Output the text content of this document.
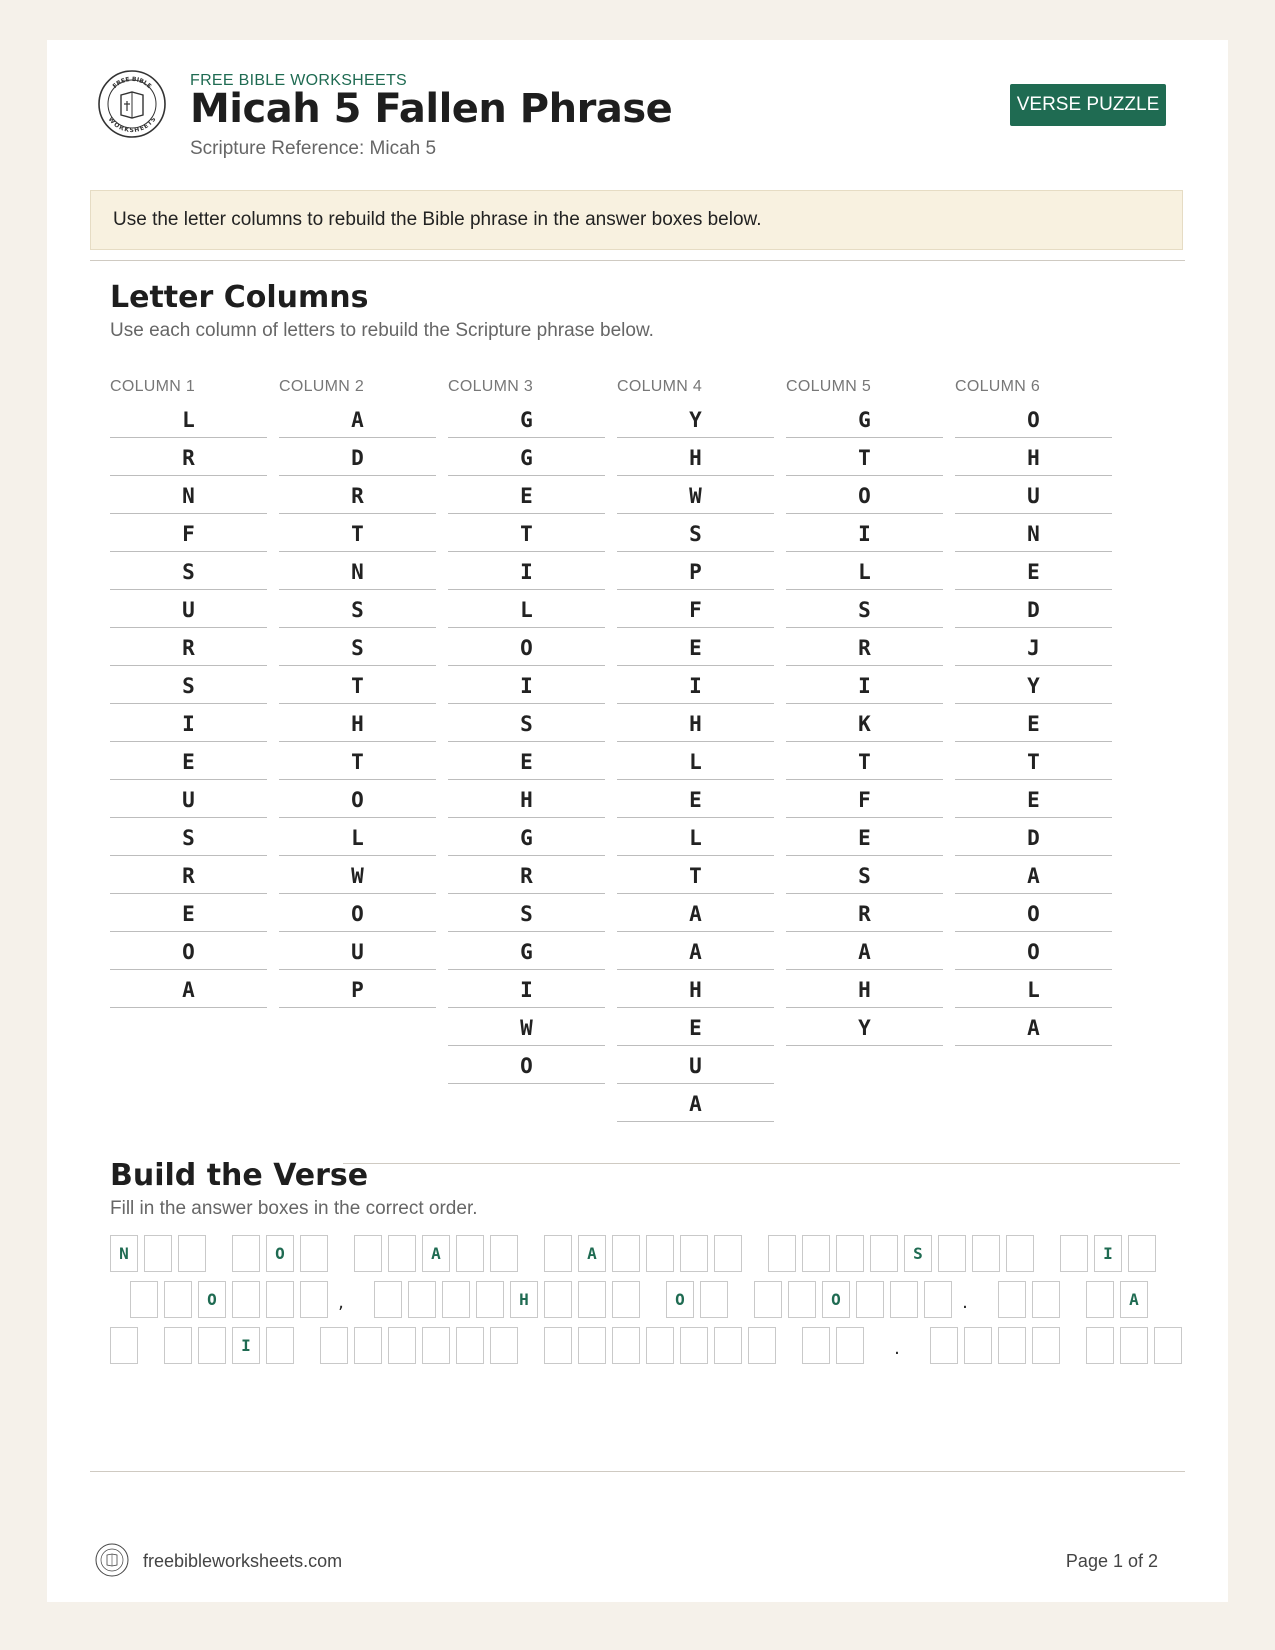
FREE BIBLE
WORKSHEETS
FREE BIBLE WORKSHEETS
Micah 5 Fallen Phrase
Scripture Reference: Micah 5
VERSE PUZZLE
Use the letter columns to rebuild the Bible phrase in the answer boxes below.
Letter Columns
Use each column of letters to rebuild the Scripture phrase below.
COLUMN 1
L
R
N
F
S
U
R
S
I
E
U
S
R
E
O
A
COLUMN 2
A
D
R
T
N
S
S
T
H
T
O
L
W
O
U
P
COLUMN 3
G
G
E
T
I
L
O
I
S
E
H
G
R
S
G
I
W
O
COLUMN 4
Y
H
W
S
P
F
E
I
H
L
E
L
T
A
A
H
E
U
A
COLUMN 5
G
T
O
I
L
S
R
I
K
T
F
E
S
R
A
H
Y
COLUMN 6
O
H
U
N
E
D
J
Y
E
T
E
D
A
O
O
L
A
Build the Verse
Fill in the answer boxes in the correct order.
N	O	A	A	S	I
O	,	H	O	O	.	A
I	.
freebibleworksheets.com	Page 1 of 2
